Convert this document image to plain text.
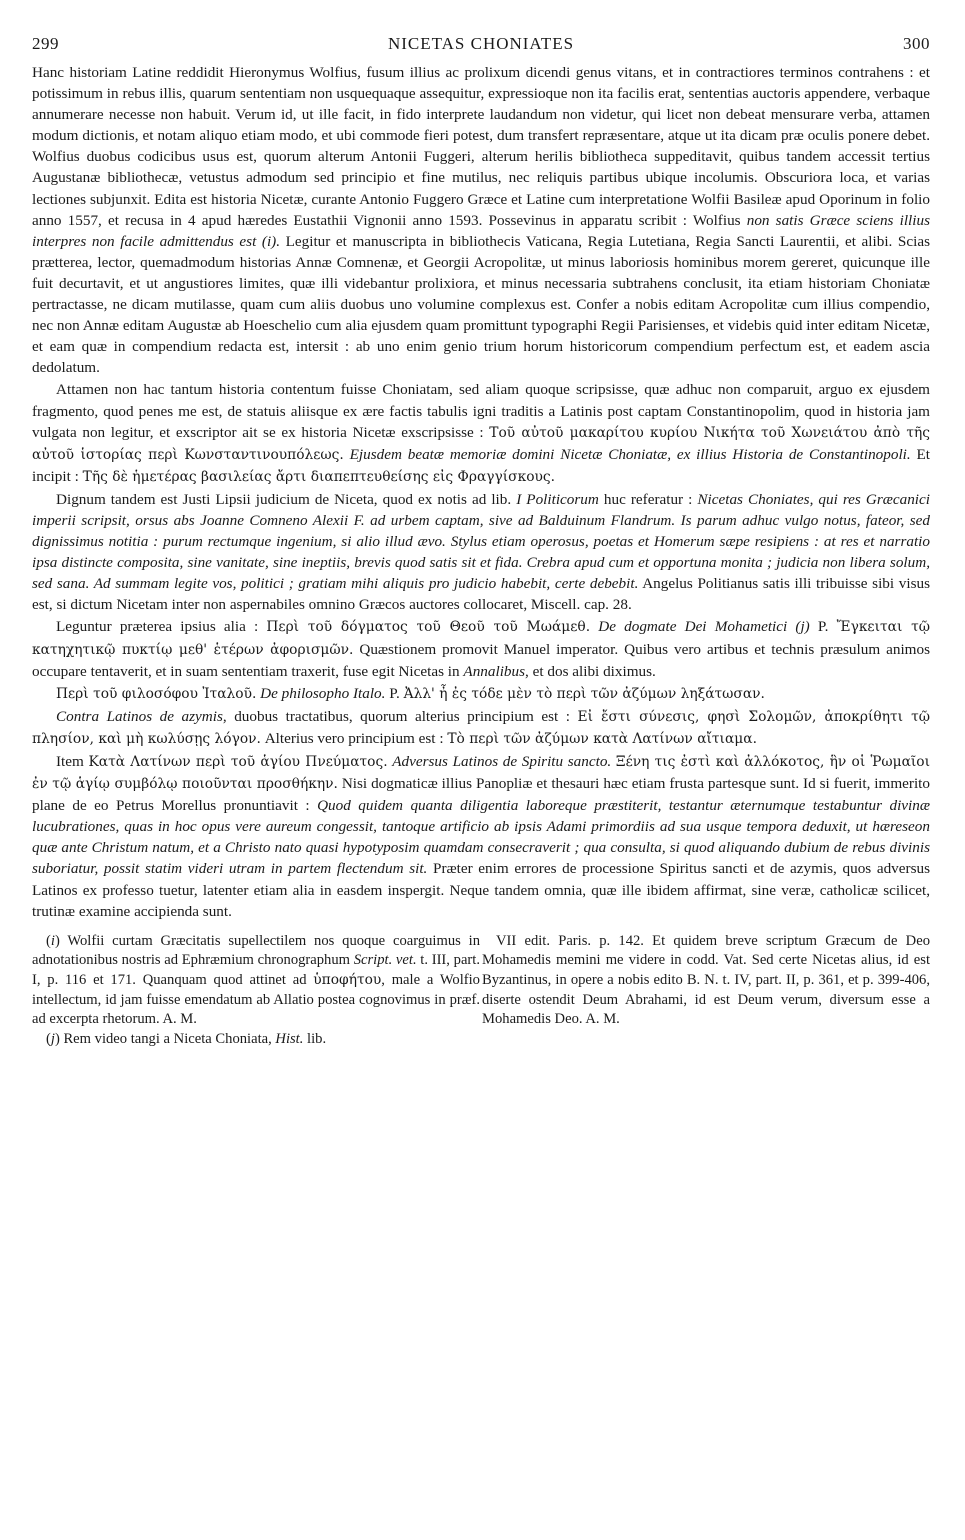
299	NICETAS CHONIATES	300

Hanc historiam Latine reddidit Hieronymus Wolfius, fusum illius ac prolixum dicendi genus vitans, et in contractiores terminos contrahens : et potissimum in rebus illis, quarum sententiam non usquequaque assequitur, expressioque non ita facilis erat, sententias auctoris appendere, verbaque annumerare necesse non habuit. Verum id, ut ille facit, in fido interprete laudandum non videtur, qui licet non debeat mensurare verba, attamen modum dictionis, et notam aliquo etiam modo, et ubi commode fieri potest, dum transfert repræsentare, atque ut ita dicam præ oculis ponere debet. Wolfius duobus codicibus usus est, quorum alterum Antonii Fuggeri, alterum herilis bibliotheca suppeditavit, quibus tandem accessit tertius Augustanæ bibliothecæ, vetustus admodum sed principio et fine mutilus, nec reliquis partibus ubique incolumis. Obscuriora loca, et varias lectiones subjunxit. Edita est historia Nicetæ, curante Antonio Fuggero Græce et Latine cum interpretatione Wolfii Basileæ apud Oporinum in folio anno 1557, et recusa in 4 apud hæredes Eustathii Vignonii anno 1593. Possevinus in apparatu scribit : Wolfius non satis Græce sciens illius interpres non facile admittendus est (i). Legitur et manuscripta in bibliothecis Vaticana, Regia Lutetiana, Regia Sancti Laurentii, et alibi. Scias prætterea, lector, quemadmodum historias Annæ Comnenæ, et Georgii Acropolitæ, ut minus laboriosis hominibus morem gereret, quicunque ille fuit decurtavit, et ut angustiores limites, quæ illi videbantur prolixiora, et minus necessaria subtrahens conclusit, ita etiam historiam Choniatæ pertractasse, ne dicam mutilasse, quam cum aliis duobus uno volumine complexus est. Confer a nobis editam Acropolitæ cum illius compendio, nec non Annæ editam Augustæ ab Hoeschelio cum alia ejusdem quam promittunt typographi Regii Parisienses, et videbis quid inter editam Nicetæ, et eam quæ in compendium redacta est, intersit : ab uno enim genio trium horum historicorum compendium perfectum est, et eadem ascia dedolatum.

Attamen non hac tantum historia contentum fuisse Choniatam, sed aliam quoque scripsisse, quæ adhuc non comparuit, arguo ex ejusdem fragmento, quod penes me est, de statuis aliisque ex ære factis tabulis igni traditis a Latinis post captam Constantinopolim, quod in historia jam vulgata non legitur, et exscriptor ait se ex historia Nicetæ exscripsisse : Τοῦ αὐτοῦ μακαρίτου κυρίου Νικήτα τοῦ Χωνειάτου ἀπὸ τῆς αὐτοῦ ἱστορίας περὶ Κωνσταντινουπόλεως. Ejusdem beatæ memoriæ domini Nicetæ Choniatæ, ex illius Historia de Constantinopoli. Et incipit : Τῆς δὲ ἡμετέρας βασιλείας ἄρτι διαπεπτευθείσης εἰς Φραγγίσκους.

Dignum tandem est Justi Lipsii judicium de Niceta, quod ex notis ad lib. I Politicorum huc referatur : Nicetas Choniates, qui res Græcanici imperii scripsit, orsus abs Joanne Comneno Alexii F. ad urbem captam, sive ad Balduinum Flandrum. Is parum adhuc vulgo notus, fateor, sed dignissimus notitia : purum rectumque ingenium, si alio illud ævo. Stylus etiam operosus, poetas et Homerum sæpe resipiens : at res et narratio ipsa distincte composita, sine vanitate, sine ineptiis, brevis quod satis sit et fida. Crebra apud cum et opportuna monita ; judicia non libera solum, sed sana. Ad summam legite vos, politici ; gratiam mihi aliquis pro judicio habebit, certe debebit. Angelus Politianus satis illi tribuisse sibi visus est, si dictum Nicetam inter non aspernabiles omnino Græcos auctores collocaret, Miscell. cap. 28.

Leguntur præterea ipsius alia : Περὶ τοῦ δόγματος τοῦ Θεοῦ τοῦ Μωάμεθ. De dogmate Dei Mohametici (j) P. Ἔγκειται τῷ κατηχητικῷ πυκτίῳ μεθ' ἑτέρων ἀφορισμῶν. Quæstionem promovit Manuel imperator. Quibus vero artibus et technis præsulum animos occupare tentaverit, et in suam sententiam traxerit, fuse egit Nicetas in Annalibus, et dos alibi diximus.

Περὶ τοῦ φιλοσόφου Ἰταλοῦ. De philosopho Italo. P. Ἀλλ' ἦ ἐς τόδε μὲν τὸ περὶ τῶν ἀζύμων ληξάτωσαν.

Contra Latinos de azymis, duobus tractatibus, quorum alterius principium est : Εἰ ἔστι σύνεσις, φησὶ Σολομῶν, ἀποκρίθητι τῷ πλησίον, καὶ μὴ κωλύσῃς λόγον. Alterius vero principium est : Τὸ περὶ τῶν ἀζύμων κατὰ Λατίνων αἴτιαμα.

Item Κατὰ Λατίνων περὶ τοῦ ἁγίου Πνεύματος. Adversus Latinos de Spiritu sancto. Ξένη τις ἐστὶ καὶ ἀλλόκοτος, ἣν οἱ Ῥωμαῖοι ἐν τῷ ἁγίῳ συμβόλῳ ποιοῦνται προσθήκην. Nisi dogmaticæ illius Panopliæ et thesauri hæc etiam frusta partesque sunt. Id si fuerit, immerito plane de eo Petrus Morellus pronuntiavit : Quod quidem quanta diligentia laboreque præstiterit, testantur æternumque testabuntur divinæ lucubrationes, quas in hoc opus vere aureum congessit, tantoque artificio ab ipsis Adami primordiis ad sua usque tempora deduxit, ut hæreseon quæ ante Christum natum, et a Christo nato quasi hypotyposim quamdam consecraverit ; qua consulta, si quod aliquando dubium de rebus divinis suboriatur, possit statim videri utram in partem flectendum sit. Præter enim errores de processione Spiritus sancti et de azymis, quos adversus Latinos ex professo tuetur, latenter etiam alia in easdem inspergit. Neque tandem omnia, quæ ille ibidem affirmat, sine veræ, catholicæ scilicet, trutinæ examine accipienda sunt.

(i) Wolfii curtam Græcitatis supellectilem nos quoque coarguimus in adnotationibus nostris ad Ephræmium chronographum Script. vet. t. III, part. I, p. 116 et 171. Quanquam quod attinet ad ὑποφήτου, male a Wolfio intellectum, id jam fuisse emendatum ab Allatio postea cognovimus in præf. ad excerpta rhetorum. A. M.

(j) Rem video tangi a Niceta Choniata, Hist. lib.

VII edit. Paris. p. 142. Et quidem breve scriptum Græcum de Deo Mohamedis memini me videre in codd. Vat. Sed certe Nicetas alius, id est Byzantinus, in opere a nobis edito B. N. t. IV, part. II, p. 361, et p. 399-406, diserte ostendit Deum Abrahami, id est Deum verum, diversum esse a Mohamedis Deo. A. M.
